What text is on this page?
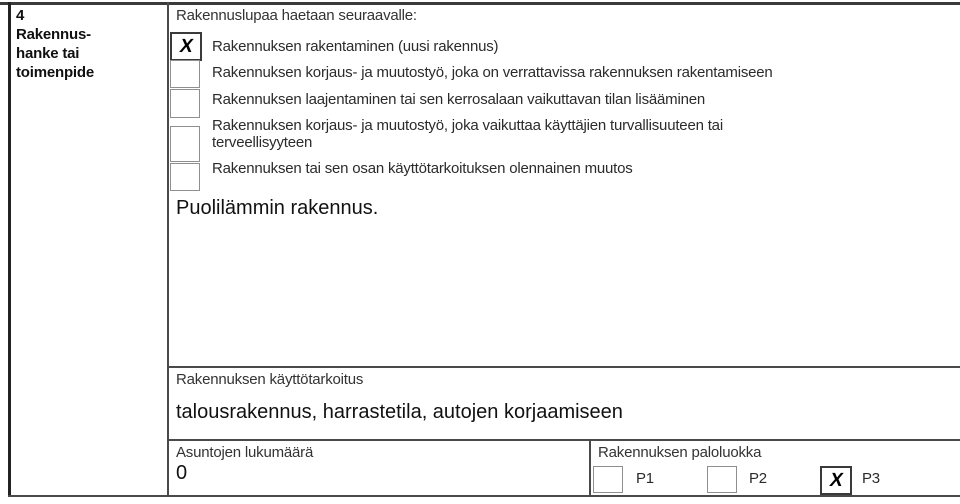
4
Rakennus-
hanke tai
toimenpide
Rakennuslupaa haetaan seuraavalle:
X Rakennuksen rakentaminen (uusi rakennus)
Rakennuksen korjaus- ja muutostyö, joka on verrattavissa rakennuksen rakentamiseen
Rakennuksen laajentaminen tai sen kerrosalaan vaikuttavan tilan lisääminen
Rakennuksen korjaus- ja muutostyö, joka vaikuttaa käyttäjien turvallisuuteen tai terveellisyyteen
Rakennuksen tai sen osan käyttötarkoituksen olennainen muutos
Puolilämmin rakennus.
Rakennuksen käyttötarkoitus
talousrakennus, harrastetila, autojen korjaamiseen
Asuntojen lukumäärä
0
Rakennuksen paloluokka
P1	P2	X P3
